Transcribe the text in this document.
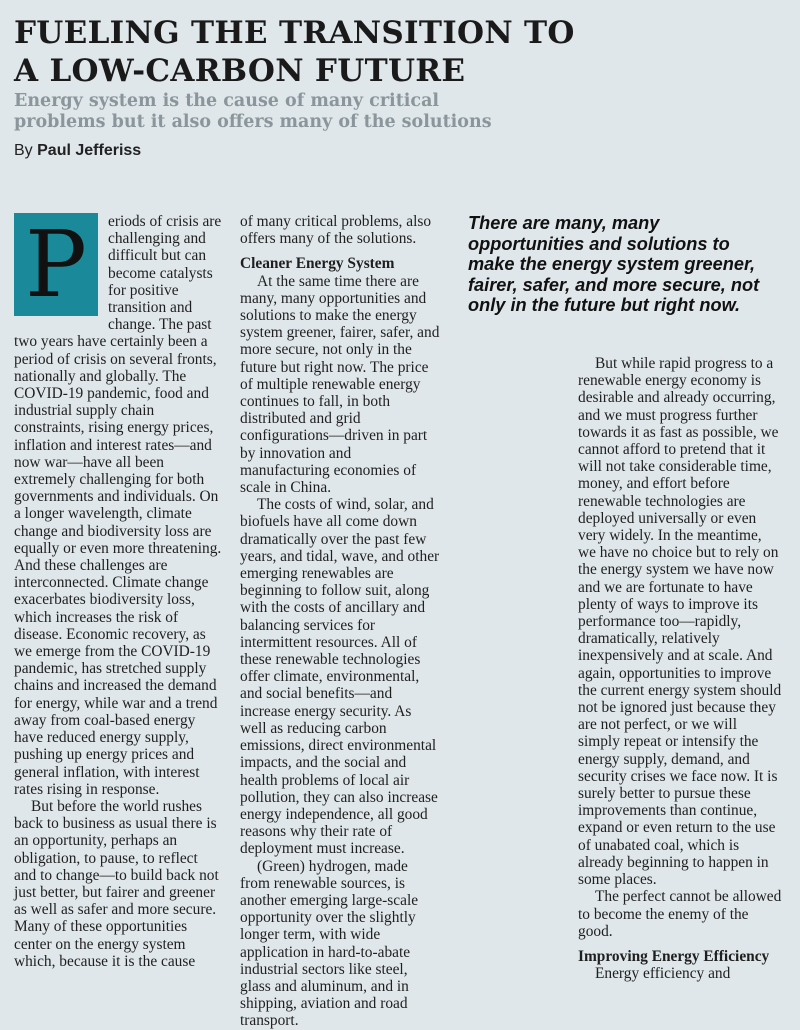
FUELING THE TRANSITION TO
A LOW-CARBON FUTURE
Energy system is the cause of many critical
problems but it also offers many of the solutions
By Paul Jefferiss
P	eriods of crisis are challenging and difficult but can become catalysts for positive transition and change. The past two years have certainly been a period of crisis on several fronts, nationally and globally. The COVID-19 pandemic, food and industrial supply chain constraints, rising energy prices, inflation and interest rates—and now war—have all been extremely challenging for both governments and individuals. On a longer wavelength, climate change and biodiversity loss are equally or even more threatening. And these challenges are interconnected. Climate change exacerbates biodiversity loss, which increases the risk of disease. Economic recovery, as we emerge from the COVID-19 pandemic, has stretched supply chains and increased the demand for energy, while war and a trend away from coal-based energy have reduced energy supply, pushing up energy prices and general inflation, with interest rates rising in response.

But before the world rushes back to business as usual there is an opportunity, perhaps an obligation, to pause, to reflect and to change—to build back not just better, but fairer and greener as well as safer and more secure. Many of these opportunities center on the energy system which, because it is the cause

of many critical problems, also offers many of the solutions.

Cleaner Energy System

At the same time there are many, many opportunities and solutions to make the energy system greener, fairer, safer, and more secure, not only in the future but right now. The price of multiple renewable energy continues to fall, in both distributed and grid configurations—driven in part by innovation and manufacturing economies of scale in China.

The costs of wind, solar, and biofuels have all come down dramatically over the past few years, and tidal, wave, and other emerging renewables are beginning to follow suit, along with the costs of ancillary and balancing services for intermittent resources. All of these renewable technologies offer climate, environmental, and social benefits—and increase energy security. As well as reducing carbon emissions, direct environmental impacts, and the social and health problems of local air pollution, they can also increase energy independence, all good reasons why their rate of deployment must increase.

(Green) hydrogen, made from renewable sources, is another emerging large-scale opportunity over the slightly longer term, with wide application in hard-to-abate industrial sectors like steel, glass and aluminum, and in shipping, aviation and road transport.

There are many, many opportunities and solutions to make the energy system greener, fairer, safer, and more secure, not only in the future but right now.

But while rapid progress to a renewable energy economy is desirable and already occurring, and we must progress further towards it as fast as possible, we cannot afford to pretend that it will not take considerable time, money, and effort before renewable technologies are deployed universally or even very widely. In the meantime, we have no choice but to rely on the energy system we have now and we are fortunate to have plenty of ways to improve its performance too—rapidly, dramatically, relatively inexpensively and at scale. And again, opportunities to improve the current energy system should not be ignored just because they are not perfect, or we will simply repeat or intensify the energy supply, demand, and security crises we face now. It is surely better to pursue these improvements than continue, expand or even return to the use of unabated coal, which is already beginning to happen in some places.

The perfect cannot be allowed to become the enemy of the good.

Improving Energy Efficiency

Energy efficiency and
